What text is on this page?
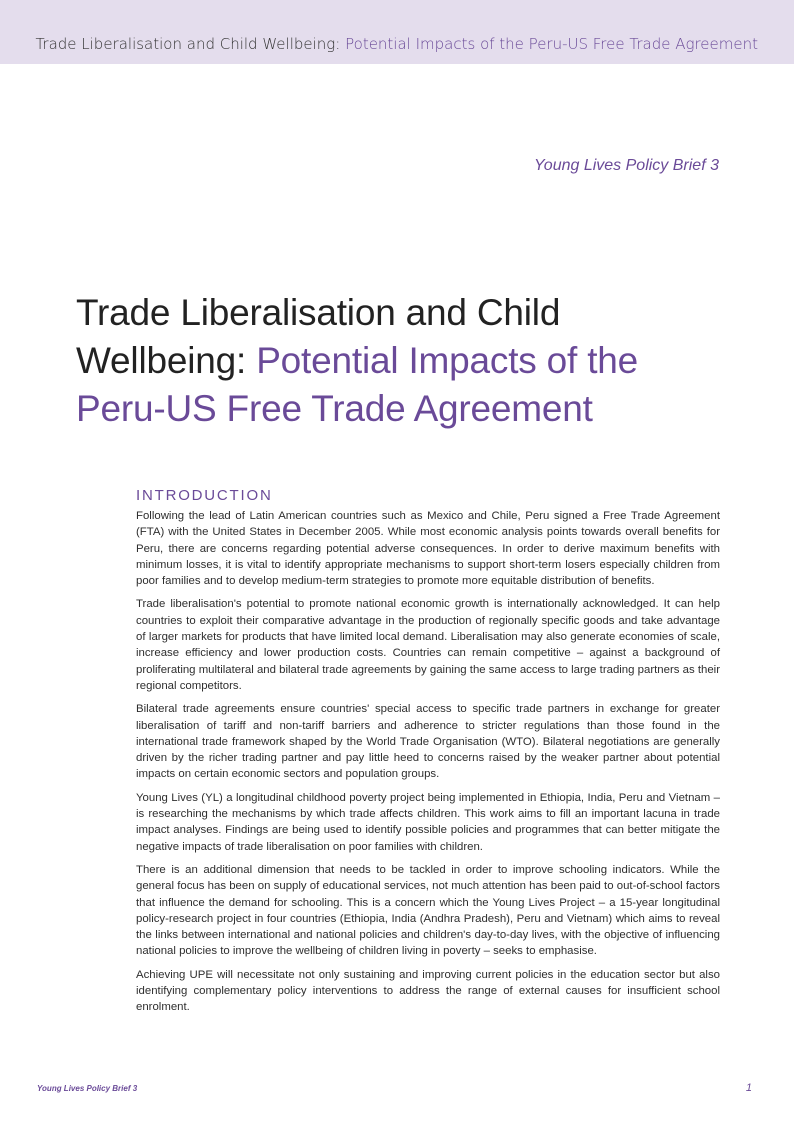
Trade Liberalisation and Child Wellbeing: Potential Impacts of the Peru-US Free Trade Agreement
Young Lives Policy Brief 3
Trade Liberalisation and Child
Wellbeing: Potential Impacts of the
Peru-US Free Trade Agreement
INTRODUCTION

Following the lead of Latin American countries such as Mexico and Chile, Peru signed a Free Trade Agreement (FTA) with the United States in December 2005. While most economic analysis points towards overall benefits for Peru, there are concerns regarding potential adverse consequences. In order to derive maximum benefits with minimum losses, it is vital to identify appropriate mechanisms to support short-term losers especially children from poor families and to develop medium-term strategies to promote more equitable distribution of benefits.

Trade liberalisation's potential to promote national economic growth is internationally acknowledged. It can help countries to exploit their comparative advantage in the production of regionally specific goods and take advantage of larger markets for products that have limited local demand. Liberalisation may also generate economies of scale, increase efficiency and lower production costs. Countries can remain competitive – against a background of proliferating multilateral and bilateral trade agreements by gaining the same access to large trading partners as their regional competitors.

Bilateral trade agreements ensure countries' special access to specific trade partners in exchange for greater liberalisation of tariff and non-tariff barriers and adherence to stricter regulations than those found in the international trade framework shaped by the World Trade Organisation (WTO). Bilateral negotiations are generally driven by the richer trading partner and pay little heed to concerns raised by the weaker partner about potential impacts on certain economic sectors and population groups.

Young Lives (YL) a longitudinal childhood poverty project being implemented in Ethiopia, India, Peru and Vietnam – is researching the mechanisms by which trade affects children. This work aims to fill an important lacuna in trade impact analyses. Findings are being used to identify possible policies and programmes that can better mitigate the negative impacts of trade liberalisation on poor families with children.

There is an additional dimension that needs to be tackled in order to improve schooling indicators. While the general focus has been on supply of educational services, not much attention has been paid to out-of-school factors that influence the demand for schooling. This is a concern which the Young Lives Project – a 15-year longitudinal policy-research project in four countries (Ethiopia, India (Andhra Pradesh), Peru and Vietnam) which aims to reveal the links between international and national policies and children's day-to-day lives, with the objective of influencing national policies to improve the wellbeing of children living in poverty – seeks to emphasise.

Achieving UPE will necessitate not only sustaining and improving current policies in the education sector but also identifying complementary policy interventions to address the range of external causes for insufficient school enrolment.

Young Lives Policy Brief 3	1
